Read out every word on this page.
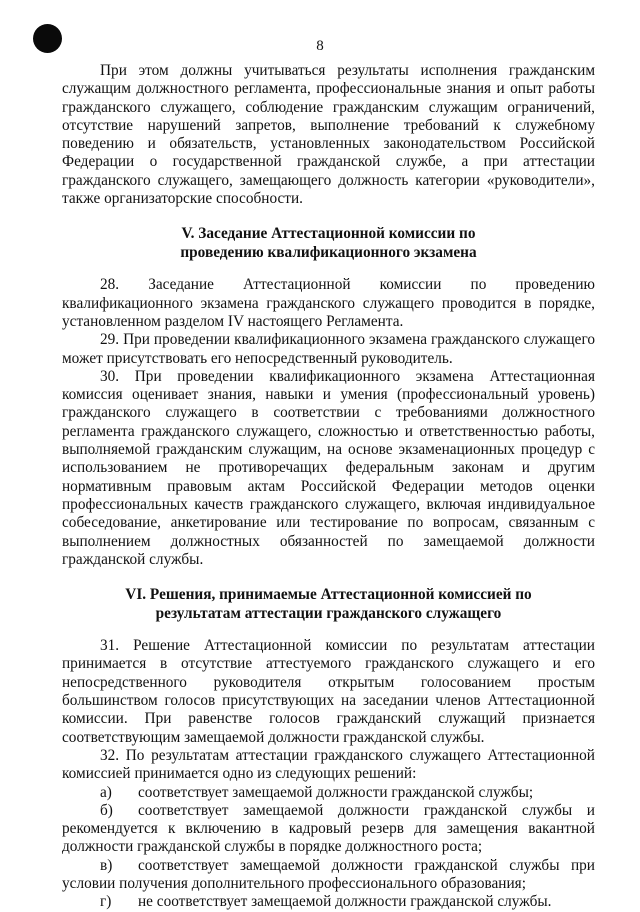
8

При этом должны учитываться результаты исполнения гражданским служащим должностного регламента, профессиональные знания и опыт работы гражданского служащего, соблюдение гражданским служащим ограничений, отсутствие нарушений запретов, выполнение требований к служебному поведению и обязательств, установленных законодательством Российской Федерации о государственной гражданской службе, а при аттестации гражданского служащего, замещающего должность категории «руководители», также организаторские способности.

V. Заседание Аттестационной комиссии по
проведению квалификационного экзамена

28. Заседание Аттестационной комиссии по проведению квалификационного экзамена гражданского служащего проводится в порядке, установленном разделом IV настоящего Регламента.

29. При проведении квалификационного экзамена гражданского служащего может присутствовать его непосредственный руководитель.

30. При проведении квалификационного экзамена Аттестационная комиссия оценивает знания, навыки и умения (профессиональный уровень) гражданского служащего в соответствии с требованиями должностного регламента гражданского служащего, сложностью и ответственностью работы, выполняемой гражданским служащим, на основе экзаменационных процедур с использованием не противоречащих федеральным законам и другим нормативным правовым актам Российской Федерации методов оценки профессиональных качеств гражданского служащего, включая индивидуальное собеседование, анкетирование или тестирование по вопросам, связанным с выполнением должностных обязанностей по замещаемой должности гражданской службы.

VI. Решения, принимаемые Аттестационной комиссией по
результатам аттестации гражданского служащего

31. Решение Аттестационной комиссии по результатам аттестации принимается в отсутствие аттестуемого гражданского служащего и его непосредственного руководителя открытым голосованием простым большинством голосов присутствующих на заседании членов Аттестационной комиссии. При равенстве голосов гражданский служащий признается соответствующим замещаемой должности гражданской службы.

32. По результатам аттестации гражданского служащего Аттестационной комиссией принимается одно из следующих решений:

а) соответствует замещаемой должности гражданской службы;

б) соответствует замещаемой должности гражданской службы и рекомендуется к включению в кадровый резерв для замещения вакантной должности гражданской службы в порядке должностного роста;

в) соответствует замещаемой должности гражданской службы при условии получения дополнительного профессионального образования;

г) не соответствует замещаемой должности гражданской службы.
